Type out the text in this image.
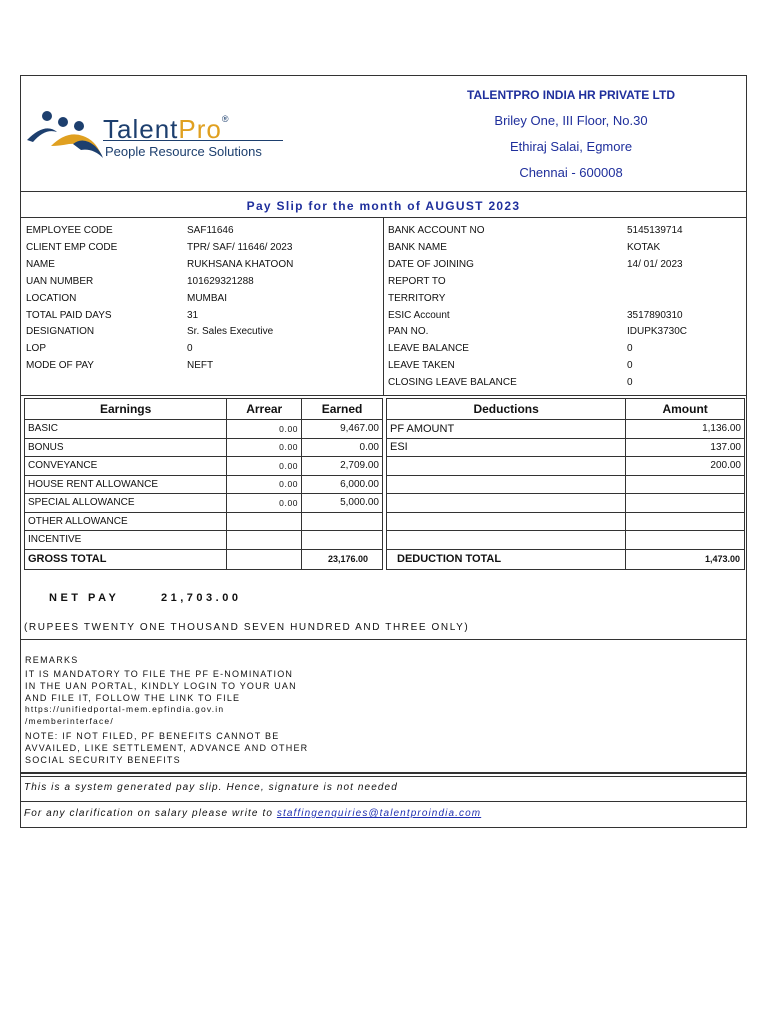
TalentPro®
People Resource Solutions
TALENTPRO INDIA HR PRIVATE LTD
Briley One, III Floor, No.30
Ethiraj Salai, Egmore
Chennai - 600008
Pay Slip for the month of AUGUST 2023
EMPLOYEE CODE	SAF11646
CLIENT EMP CODE	TPR/ SAF/ 11646/ 2023
NAME	RUKHSANA KHATOON
UAN NUMBER	101629321288
LOCATION	MUMBAI
TOTAL PAID DAYS	31
DESIGNATION	Sr. Sales Executive
LOP	0
MODE OF PAY	NEFT
BANK ACCOUNT NO	5145139714
BANK NAME	KOTAK
DATE OF JOINING	14/ 01/ 2023
REPORT TO
TERRITORY
ESIC Account	3517890310
PAN NO.	IDUPK3730C
LEAVE BALANCE	0
LEAVE TAKEN	0
CLOSING LEAVE BALANCE	0
Earnings	Arrear	Earned
BASIC	0.00	9,467.00
BONUS	0.00	0.00
CONVEYANCE	0.00	2,709.00
HOUSE RENT ALLOWANCE	0.00	6,000.00
SPECIAL ALLOWANCE	0.00	5,000.00
OTHER ALLOWANCE		
INCENTIVE		
GROSS TOTAL		23,176.00
Deductions	Amount
PF AMOUNT	1,136.00
ESI	137.00
	200.00

DEDUCTION TOTAL	1,473.00
NET PAY	21,703.00
(RUPEES TWENTY ONE THOUSAND SEVEN HUNDRED AND THREE ONLY)
REMARKS
IT IS MANDATORY TO FILE THE PF E-NOMINATION
IN THE UAN PORTAL, KINDLY LOGIN TO YOUR UAN
AND FILE IT, FOLLOW THE LINK TO FILE
https://unifiedportal-mem.epfindia.gov.in
/memberinterface/
NOTE: IF NOT FILED, PF BENEFITS CANNOT BE
AVVAILED, LIKE SETTLEMENT, ADVANCE AND OTHER
SOCIAL SECURITY BENEFITS
This is a system generated pay slip. Hence, signature is not needed
For any clarification on salary please write to staffingenquiries@talentproindia.com
